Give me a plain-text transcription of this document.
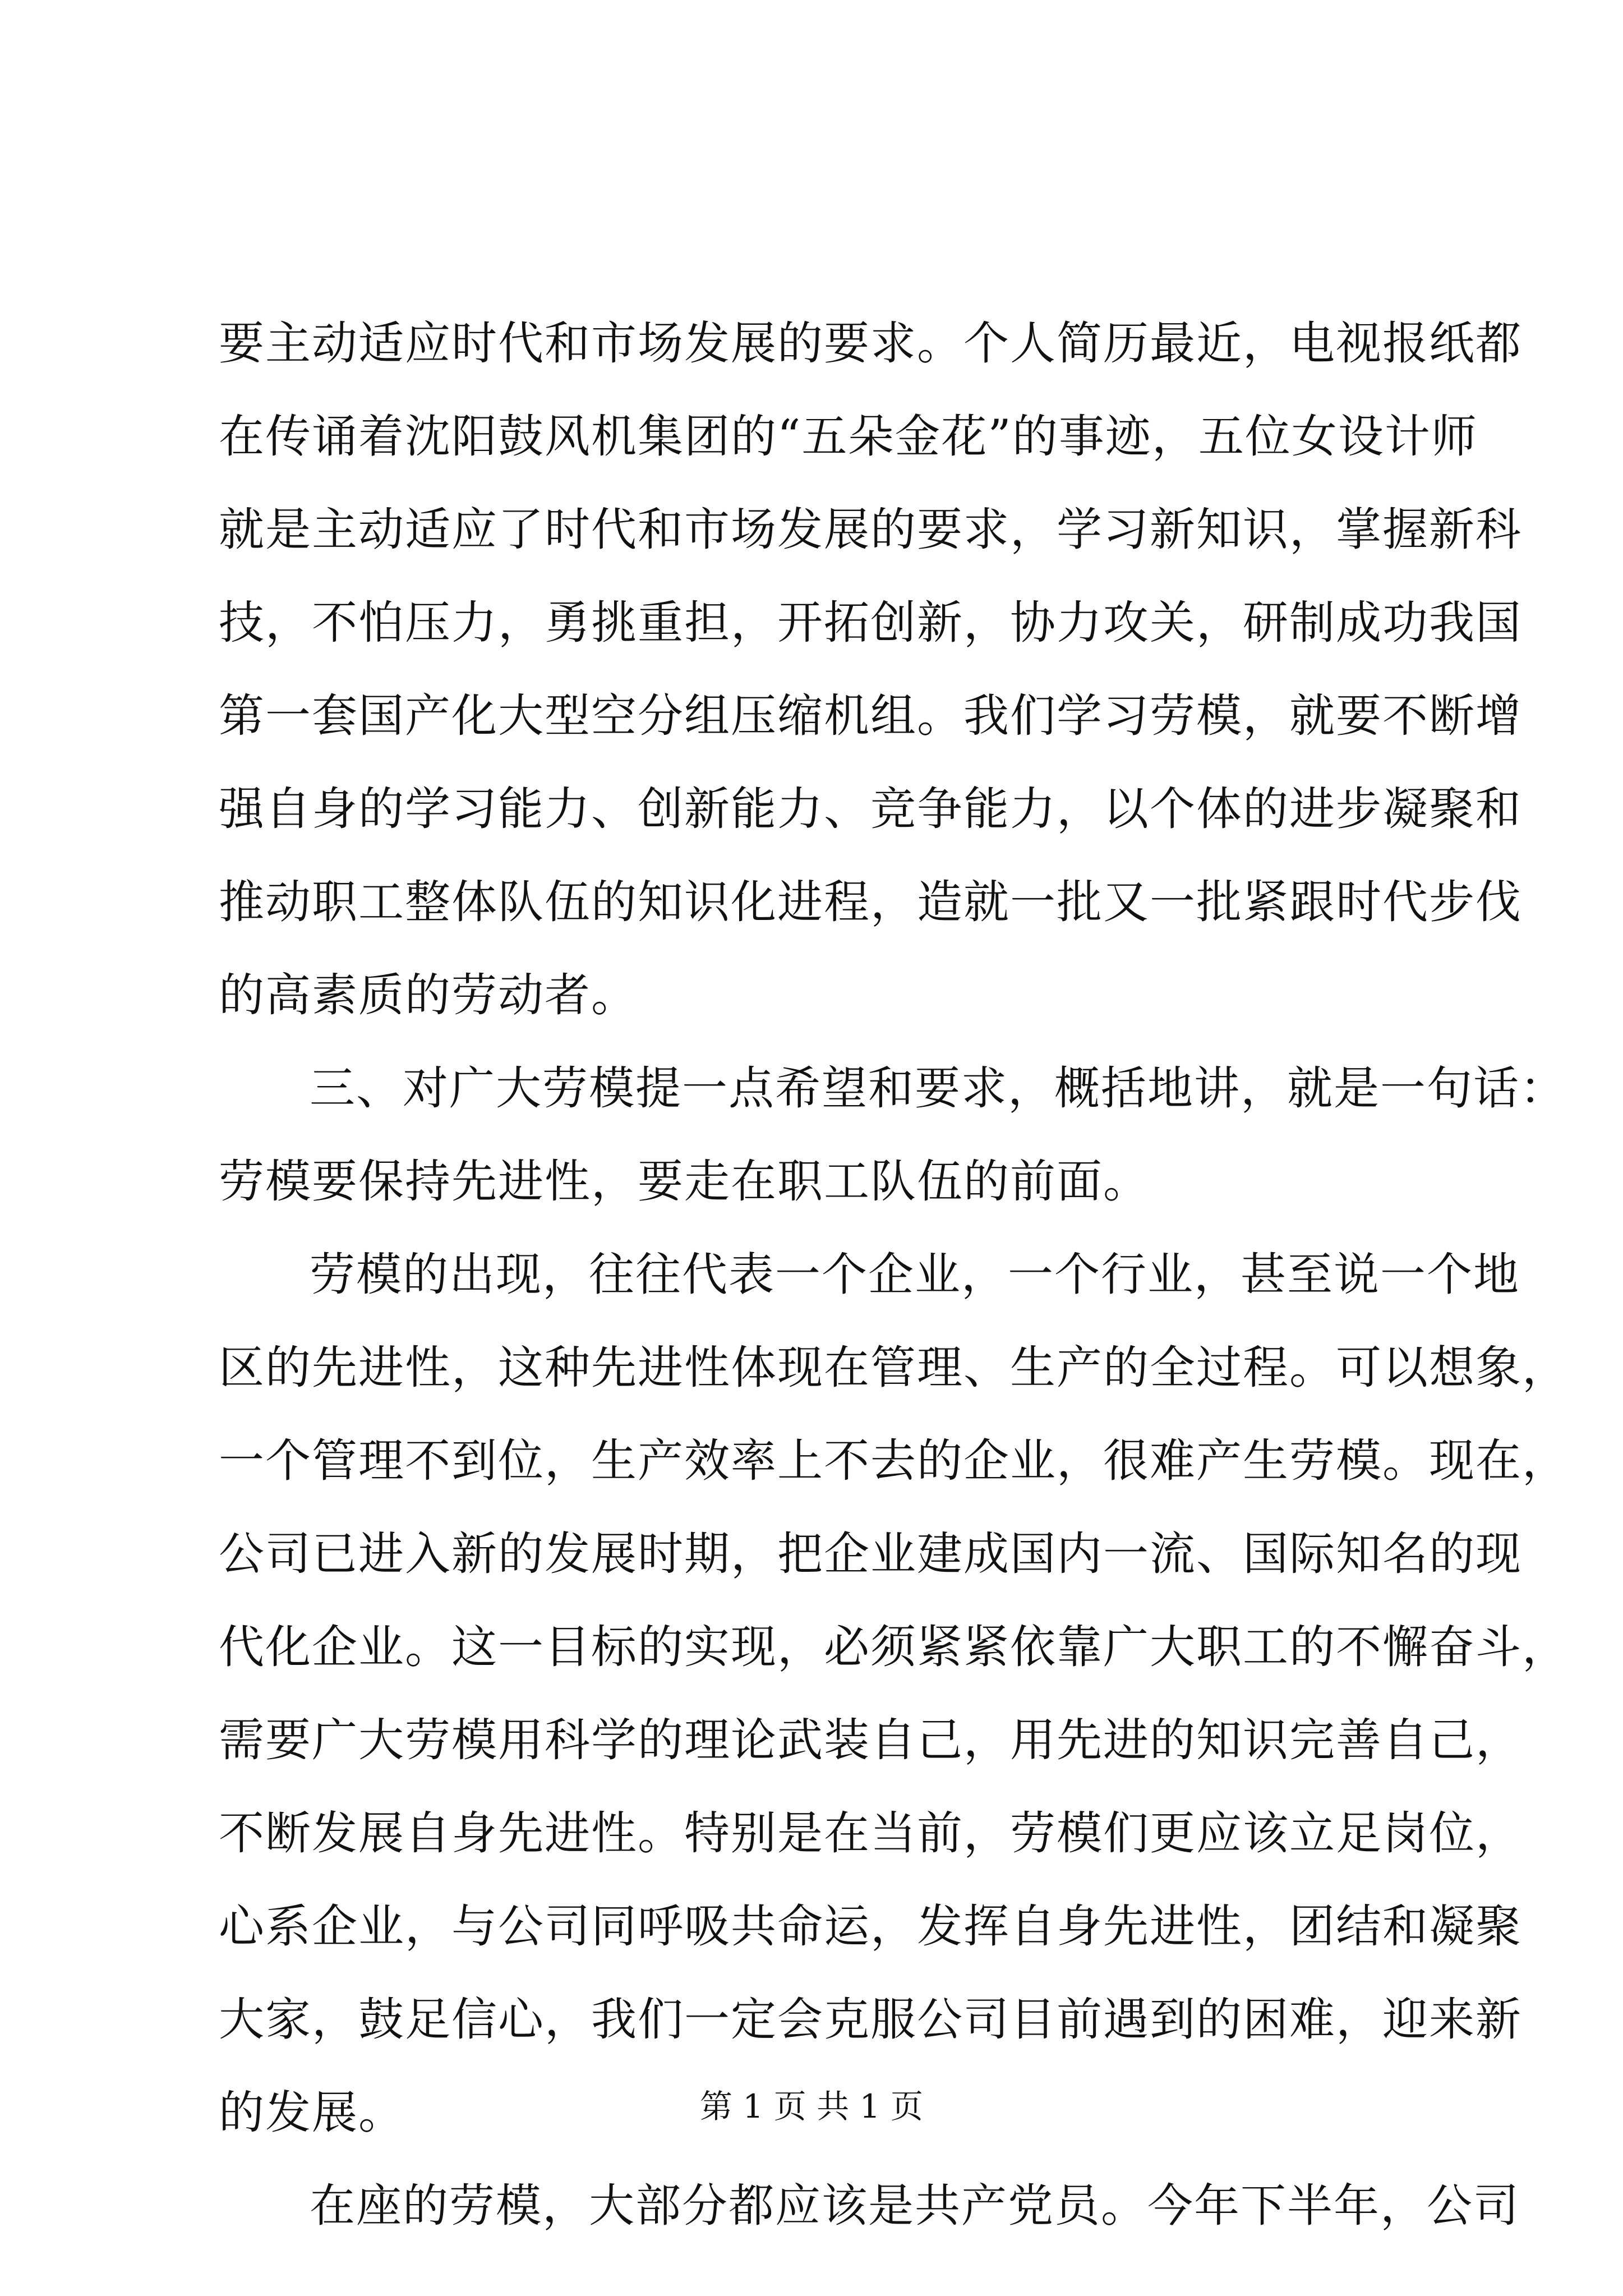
要主动适应时代和市场发展的要求。个人简历最近，电视报纸都
在传诵着沈阳鼓风机集团的“五朵金花”的事迹，五位女设计师
就是主动适应了时代和市场发展的要求，学习新知识，掌握新科
技，不怕压力，勇挑重担，开拓创新，协力攻关，研制成功我国
第一套国产化大型空分组压缩机组。我们学习劳模，就要不断增
强自身的学习能力、创新能力、竞争能力，以个体的进步凝聚和
推动职工整体队伍的知识化进程，造就一批又一批紧跟时代步伐
的高素质的劳动者。
三、对广大劳模提一点希望和要求，概括地讲，就是一句话：
劳模要保持先进性，要走在职工队伍的前面。
劳模的出现，往往代表一个企业，一个行业，甚至说一个地
区的先进性，这种先进性体现在管理、生产的全过程。可以想象，
一个管理不到位，生产效率上不去的企业，很难产生劳模。现在，
公司已进入新的发展时期，把企业建成国内一流、国际知名的现
代化企业。这一目标的实现，必须紧紧依靠广大职工的不懈奋斗，
需要广大劳模用科学的理论武装自己，用先进的知识完善自己，
不断发展自身先进性。特别是在当前，劳模们更应该立足岗位，
心系企业，与公司同呼吸共命运，发挥自身先进性，团结和凝聚
大家，鼓足信心，我们一定会克服公司目前遇到的困难，迎来新
的发展。
在座的劳模，大部分都应该是共产党员。今年下半年，公司
第 1 页 共 1 页
